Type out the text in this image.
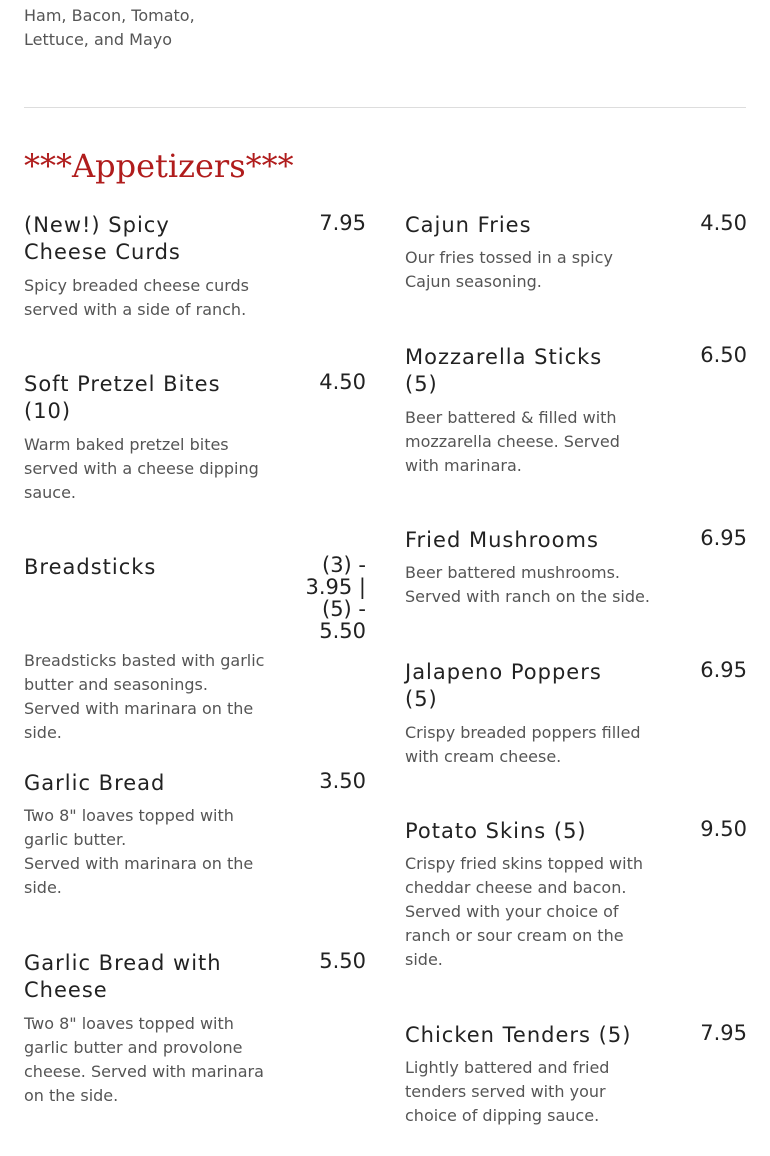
Ham, Bacon, Tomato, Lettuce, and Mayo
***Appetizers***
(New!) Spicy Cheese Curds
7.95
Spicy breaded cheese curds served with a side of ranch.
Soft Pretzel Bites (10)
4.50
Warm baked pretzel bites served with a cheese dipping sauce.
Breadsticks	(3) - 3.95 | (5) - 5.50
Breadsticks basted with garlic butter and seasonings. Served with marinara on the side.
Garlic Bread	3.50
Two 8" loaves topped with garlic butter.
Served with marinara on the side.
Garlic Bread with Cheese
5.50
Two 8" loaves topped with garlic butter and provolone cheese. Served with marinara on the side.
Cajun Fries	4.50
Our fries tossed in a spicy Cajun seasoning.
Mozzarella Sticks (5)
6.50
Beer battered & filled with mozzarella cheese. Served with marinara.
Fried Mushrooms	6.95
Beer battered mushrooms. Served with ranch on the side.
Jalapeno Poppers (5)
6.95
Crispy breaded poppers filled with cream cheese.
Potato Skins (5)	9.50
Crispy fried skins topped with cheddar cheese and bacon. Served with your choice of ranch or sour cream on the side.
Chicken Tenders (5)	7.95
Lightly battered and fried tenders served with your choice of dipping sauce.
